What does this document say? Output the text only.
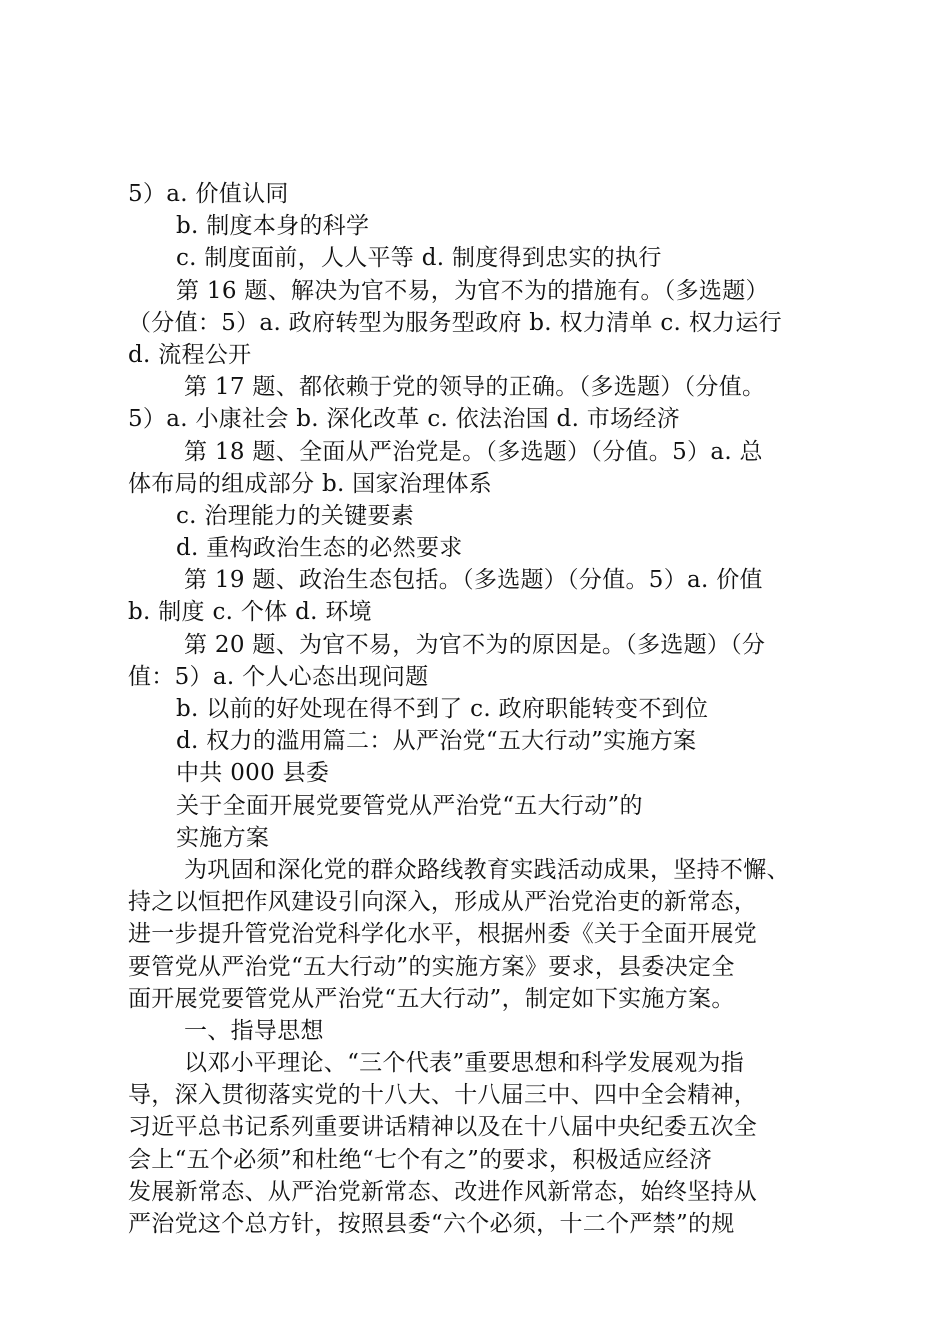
5）a. 价值认同
b. 制度本身的科学
c. 制度面前，人人平等 d. 制度得到忠实的执行
第 16 题、解决为官不易，为官不为的措施有。（多选题）
（分值：5）a. 政府转型为服务型政府 b. 权力清单 c. 权力运行
d. 流程公开
第 17 题、都依赖于党的领导的正确。（多选题）（分值。
5）a. 小康社会 b. 深化改革 c. 依法治国 d. 市场经济
第 18 题、全面从严治党是。（多选题）（分值。5）a. 总
体布局的组成部分 b. 国家治理体系
c. 治理能力的关键要素
d. 重构政治生态的必然要求
第 19 题、政治生态包括。（多选题）（分值。5）a. 价值
b. 制度 c. 个体 d. 环境
第 20 题、为官不易，为官不为的原因是。（多选题）（分
值：5）a. 个人心态出现问题
b. 以前的好处现在得不到了 c. 政府职能转变不到位
d. 权力的滥用篇二：从严治党“五大行动”实施方案
中共 000 县委
关于全面开展党要管党从严治党“五大行动”的
实施方案
为巩固和深化党的群众路线教育实践活动成果，坚持不懈、
持之以恒把作风建设引向深入，形成从严治党治吏的新常态，
进一步提升管党治党科学化水平，根据州委《关于全面开展党
要管党从严治党“五大行动”的实施方案》要求，县委决定全
面开展党要管党从严治党“五大行动”，制定如下实施方案。
一、指导思想
以邓小平理论、“三个代表”重要思想和科学发展观为指
导，深入贯彻落实党的十八大、十八届三中、四中全会精神，
习近平总书记系列重要讲话精神以及在十八届中央纪委五次全
会上“五个必须”和杜绝“七个有之”的要求，积极适应经济
发展新常态、从严治党新常态、改进作风新常态，始终坚持从
严治党这个总方针，按照县委“六个必须，十二个严禁”的规
